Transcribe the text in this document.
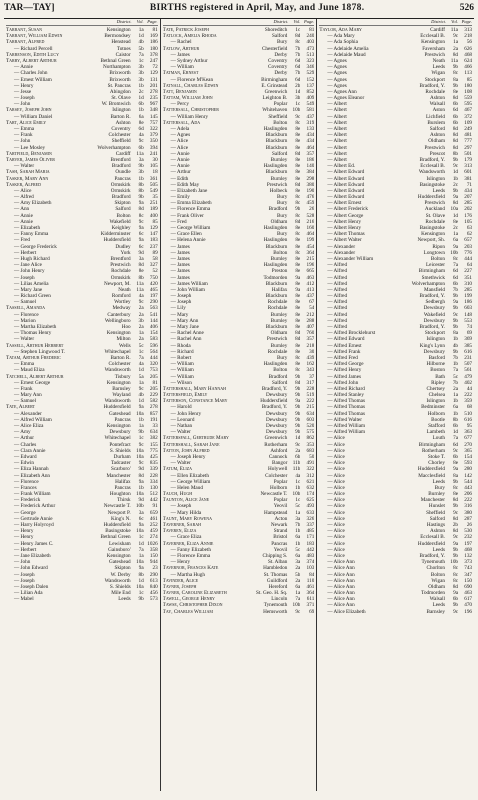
TAR—TAY]	BIRTHS registered in April, May, and June 1878.	526
District.	Vol. Page.
Tarrant, Susan	Kensington	1a	81
Tarrant, William Edwin	Bermondsey	1d	169
Tarrant, Alfred	Henstead	4b	186
— Richard Percell	Totnes	5b	180
Tarrenson, Edith Lucy	Caistor	7a	378
Tarry, Albert Arthur	Bethnal Green	1c	247
— Annie	Northampton	3b	72
— Charles John	Brixworth	3b	129
— Ernest William	Brixworth	3b	131
— Henry	St. Pancras	1b	201
— Jesse	Abingdon	2c	278
— Joseph	St. Olave	1d	235
— John	W. Bromwich	6b	967
Tarsey, Joseph John	Islington	1b	348
— William Daniel	Barton R.	6a	145
Tart, Alice Emily	Ashton	8e	757
— Emma	Coventry	6d	322
— Frank	Colchester	4a	379
— John	Sheffield	9c	350
— Lee Mosley	Wolverhampton	6b	394
Tartfield, Benjamin	Cardiff	11a	241
Tarver, James Oliver	Brentford	3a	30
— Walter	Bradford	9b	105
Tash, Sarah Maria	Oundle	3b	18
Tasker, Mary Ann	Pancras	1b	361
Tasker, Alfred	Ormskirk	8b	505
— Alice	Ormskirk	8b	549
— Alfred	Bradford	9b	35
— Amy Elizabeth	Skipton	9a	251
— Ann	Salford	8d	189
— Annie	Bolton	8c	400
— Annie	Wakefield	9c	85
— Elizabeth	Keighley	9a	129
— Fanny Emma	Kidderminster	6c	147
— Fred	Huddersfield	9a	183
— George Frederick	Dudley	6c	237
— Herbert	York	9d	89
— Hugh Richard	Brentford	3a	58
— Jane Alice	Prestwich	8d	327
— John Henry	Rochdale	8e	52
— Joseph	Ormskirk	8b	750
— Lilias Amelia	Newport, M.	11a	420
— Mary Jane	Neath	11a	465
— Richard Green	Romford	4a	197
— Samuel	Wortley	9c	290
Tassell, Amanda	Medway	2a	563
— Florence	Canterbury	2a	541
— Marion	Wellingboro	3b	144
— Martha Elizabeth	Hoo	2a	406
— Thomas Henry	Kensington	1a	154
— Walter	Milton	2a	583
Tassell, Arthur Herbert	Wells	5c	596
— Stephen Lingwood T.	Whitechapel	1c	564
Tatam, Arthur Frederic	Barton R.	7a	444
— Emma	Colchester	4a	320
— Maud Eliza	Wandsworth	1d	753
Tatchell, Albert Arthur	Tisbury	5a	205
— Ernest George	Kensington	1a	81
— Frank	Barnsley	9c	205
— Mary Ann	Wayland	4b	229
— Samuel	Wandsworth	1d	582
Tate, Albert	Huddersfield	9a	278
— Alexander	Gateshead	10a	857
— Alfred William	Pancras	1b	191
— Alice Eliza	Kensington	1a	33
— Amy	Dewsbury	9b	634
— Arthur	Whitechapel	1c	382
— Charles	Pontefract	9c	155
— Clara Annie	S. Shields	10a	775
— Edward	Durham	10a	425
— Edwin	Tadcaster	9c	835
— Eliza Hannah	Scarboro'	9d	339
— Elizabeth Ann	Manchester	8d	228
— Florence	Halifax	9a	334
— Frances	Pancras	1b	130
— Frank William	Houghton	10a	512
— Frederick	Thirsk	9d	442
— Frederick Arthur	Newcastle T.	10b	91
— George	Newport P.	3a	659
— Gertrude Annie	King's N.	6c	461
— Harry Holyroyd	Huddersfield	9a	252
— Henry	Basingstoke	10a	459
— Henry	Bethnal Green	1c	274
— Henry James C.	Lewisham	1d 1026
— Herbert	Gainsboro'	7a	358
— Jane Elizabeth	Kensington	1a	150
— John	Gateshead	10a	944
— John Edward	Skipton	9a	23
— Joseph	W. Derby	8b	290
— Joseph	Wandsworth	1d	613
— Joseph Dalen	S. Shields	10a	840
— Lilian Ada	Mile End	1c	456
— Mabel	Leeds	9b	573
District.	Vol. Page.
Tate, Patrick Joseph	Shoreditch	1c	81
Tatlock, Amelia Rhoda	Salford	8d	240
— Rachel	Bury	8c	403
Tatlow, Arthur	Chesterfield	7b	473
— James	Derby	7b	513
— Sydney Arthur	Coventry	6d	323
— William	Coventry	6d	346
Tatman, Ernest	Derby	7b	529
— Florence M'Kean	Birmingham	6d	152
Tatnall, Charles Edwin	E. Grinstead	2b	137
Tatt, Benjamin	Greenwich	1d	852
Tattam, William John	Leighton B.	3b	409
— Percy	Poplar	1c	549
Tattersall, Christopher	Whitehaven	10b	581
— William Henry	Sheffield	9c	437
Tattersall, Ada	Bolton	8c	319
— Adela	Haslingden	8e	133
— Agnes	Blackburn	8e	434
— Alice	Blackburn	8e	434
— Alice	Blackburn	8e	464
— Annie	Salford	8d	357
— Annie	Burnley	8e	186
— Annie	Haslingden	8e	140
— Arthur	Blackburn	8e	384
— Edith	Burnley	8e	298
— Edith May	Prestwich	8d	380
— Elizabeth Jane	Holbeck	8e	190
— Emily	Bury	8c	476
— Emma Elizabeth	Bury	8c	459
— Florence Emma	Bradford	9b	26
— Frank Oliver	Bury	8c	528
— Fred	Oldham	8d	216
— George William	Haslingden	8e	160
— Grace Ellen	Bury	8c	464
— Helena Annie	Haslingden	8e	199
— James	Blackburn	8e	454
— James	Bolton	8c	364
— James	Burnley	8e	215
— James	Haslingden	8e	196
— James	Preston	8e	665
— James	Todmorden	9a	463
— James William	Blackburn	8e	412
— John William	Halifax	9a	413
— Joseph	Blackburn	8e	437
— Joseph	Rochdale	8e	67
— Lily	Rochdale	8e	54
— Mary	Burnley	8e	212
— Mary Ann	Burnley	8e	288
— Mary Jane	Blackburn	8e	407
— Rachel Anne	Oldham	8d	760
— Rachel Ann	Prestwich	8d	357
— Rhoda	Burnley	8e	218
— Richard	Rochdale	8e	30
— Robert	Bury	8c	439
— William	Haslingden	8e	162
— William	Bolton	8c	343
— William	Bradford	9b	37
— Wilson	Salford	8d	317
Tattershall, Mary Hannah	Bradford, Y.	9b	228
Tattersfield, Emily	Dewsbury	9b	519
Tatterson, Constance Mary	Huddersfield	9a	222
— Harold	Bradford, Y.	9b	215
— John Henry	Dewsbury	9b	634
— Leonard	Dewsbury	9b	603
— Nathan	Dewsbury	9b	520
— Walter	Dewsbury	9b	575
Tattersfall, Gertrude Mary	Greenwich	1d	862
Tattershall, Sarah Jane	Rotherham	9c	353
Tatton, John Alfred	Ashford	2a	683
— Joseph Henry	Cannock	6b	50
— Walter	Bangor	11b	491
Tatum, Eliza	Holywell	11b	322
— Ellen Elizabeth	Colchester	4a	312
— George William	Poplar	1c	621
— Helen Maud	Holborn	1b	632
Tauch, Hugh	Newcastle T.	10b	174
Taunton, Alice Jane	Poplar	1c	625
— Joseph	Yeovil	5c	493
— Mary Hilda	Hampstead	1a	633
Taunt, Mary Rowena	Acton	3a	326
Taverner, Sarah	Newark	7b	337
Taveren, Eliza	Strand	1b	485
— Grace Eliza	Bristol	6a	171
Taverner, Eliza Annie	Pancras	1b	183
— Fanny Elizabeth	Yeovil	5c	442
— Florence Emma	Chipping S.	6a	483
— Henry	St. Alban	3a	374
Tavernor, Frances Kate	Hambledon	2a	103
— Martha Hugh	St. Thomas	5b	84
Tavinder, Alice	Guildford	2a	110
Tavner, Joseph	Hereford	6a	461
Tavner, Caroline Elizabeth	St. Geo. H. Sq.	1a	364
Tawell, George Henry	Lincoln	7a	611
Tawse, Christopher Dixon	Tynemouth	10b	371
Tay, Charles William	Hemsworth	9c	69
District.	Vol. Page.
Taylor, Ada Mary	Cardiff	11a	313
— Ada Mary	Ecclesall B.	9c	218
— Ada Sophia	Kensington	1a	56
— Adelaide Amelia	Faversham	2a	626
— Adelaide Maud	Prestwich	8d	468
— Agnes	Neath	11a	624
— Agnes	Leeds	9b	466
— Agnes	Wigan	8c	113
— Agnes	Stockport	8a	85
— Agnes	Bradford, Y.	9b	180
— Agnes Ann	Rochdale	8e	108
— Agnes Eleanor	Ashton	8d	559
— Albert	Walsall	6b	595
— Albert	Aston	6d	467
— Albert	Lichfield	6b	372
— Albert	Burslem	6b	109
— Albert	Salford	8d	249
— Albert	Ashton	8d	481
— Albert	Oldham	8d	777
— Albert	Prestwich	8d	297
— Albert	Prescot	8b	501
— Albert	Bradford, Y.	9b	179
— Albert Ed.	Ecclesall B.	9c	313
— Albert Edward	Wandsworth	1d	601
— Albert Edward	Islington	1b	381
— Albert Edward	Basingstoke	2c	71
— Albert Edward	Leeds	9b	434
— Albert Edward	Huddersfield	9a	207
— Albert Ernest	Prestwich	8d	285
— Albert Frederick	Auckland	10a	202
— Albert George	St. Olave	1d	176
— Albert Henry	Rochdale	8e	105
— Albert Henry	Basingstoke	2c	63
— Albert Thomas	Kensington	1a	62
— Albert Walter	Newport, Sh.	6a	657
— Alexander	Ripon	9a	203
— Alexander	Longtown	10b	776
— Alexander William	Bolton	8c	444
— Alfred	Leicester	7a	64
— Alfred	Birmingham	6d	227
— Alfred	Smethwick	6d	351
— Alfred	Wolverhampton	6b	310
— Alfred	Mansfield	7b	285
— Alfred	Bradford, Y.	9b	199
— Alfred	Sedbergh	9a	186
— Alfred	Dewsbury	9b	603
— Alfred	Wakefield	9c	148
— Alfred	Dewsbury	9b	553
— Alfred	Bradford, Y.	9b	74
— Alfred Brocklehurst	Stockport	8a	69
— Alfred Edward	Islington	1b	369
— Alfred Ernest	King's Lynn	4b	385
— Alfred Frank	Dewsbury	9b	616
— Alfred Fred	Basford	7b	231
— Alfred George	Hilborne	1b	507
— Alfred Henry	Boston	7a	561
— Alfred James	Bath	5c	479
— Alfred John	Ripley	7b	402
— Alfred Richard	Chertsey	2a	44
— Alfred Stanley	Chelsea	1a	222
— Alfred Thomas	Islington	1b	359
— Alfred Thomas	Bedminster	6a	68
— Alfred Thomas	Holborn	1b	510
— Alfred Walter	Bootle	8b	616
— Alfred William	Stafford	6b	95
— Alfred William	Lambeth	1d	363
— Alice	Louth	7a	677
— Alice	Birmingham	6d	270
— Alice	Rotherham	9c	365
— Alice	Stoke T.	6b	154
— Alice	Chorley	8e	593
— Alice	Huddersfield	9a	280
— Alice	Macclesfield	8a	142
— Alice	Leeds	9b	544
— Alice	Bury	8c	443
— Alice	Burnley	8e	206
— Alice	Manchester	8d	222
— Alice	Hunslet	9b	316
— Alice	Sheffield	9c	380
— Alice	Salford	8d	287
— Alice	Hastings	2b	26
— Alice	Ashton	8d	530
— Alice	Ecclesall B.	9c	232
— Alice	Huddersfield	9a	197
— Alice	Leeds	9b	468
— Alice	Bradford, Y.	9b	132
— Alice Ann	Tynemouth	10b	373
— Alice Ann	Chorlton	8c	743
— Alice Ann	Bolton	8c	347
— Alice Ann	Wigan	8c	150
— Alice Ann	Oldham	8d	690
— Alice Ann	Todmorden	9a	463
— Alice Ann	Walsall	6b	617
— Alice Ann	Leeds	9b	470
— Alice Elizabeth	Barnsley	9c	196
